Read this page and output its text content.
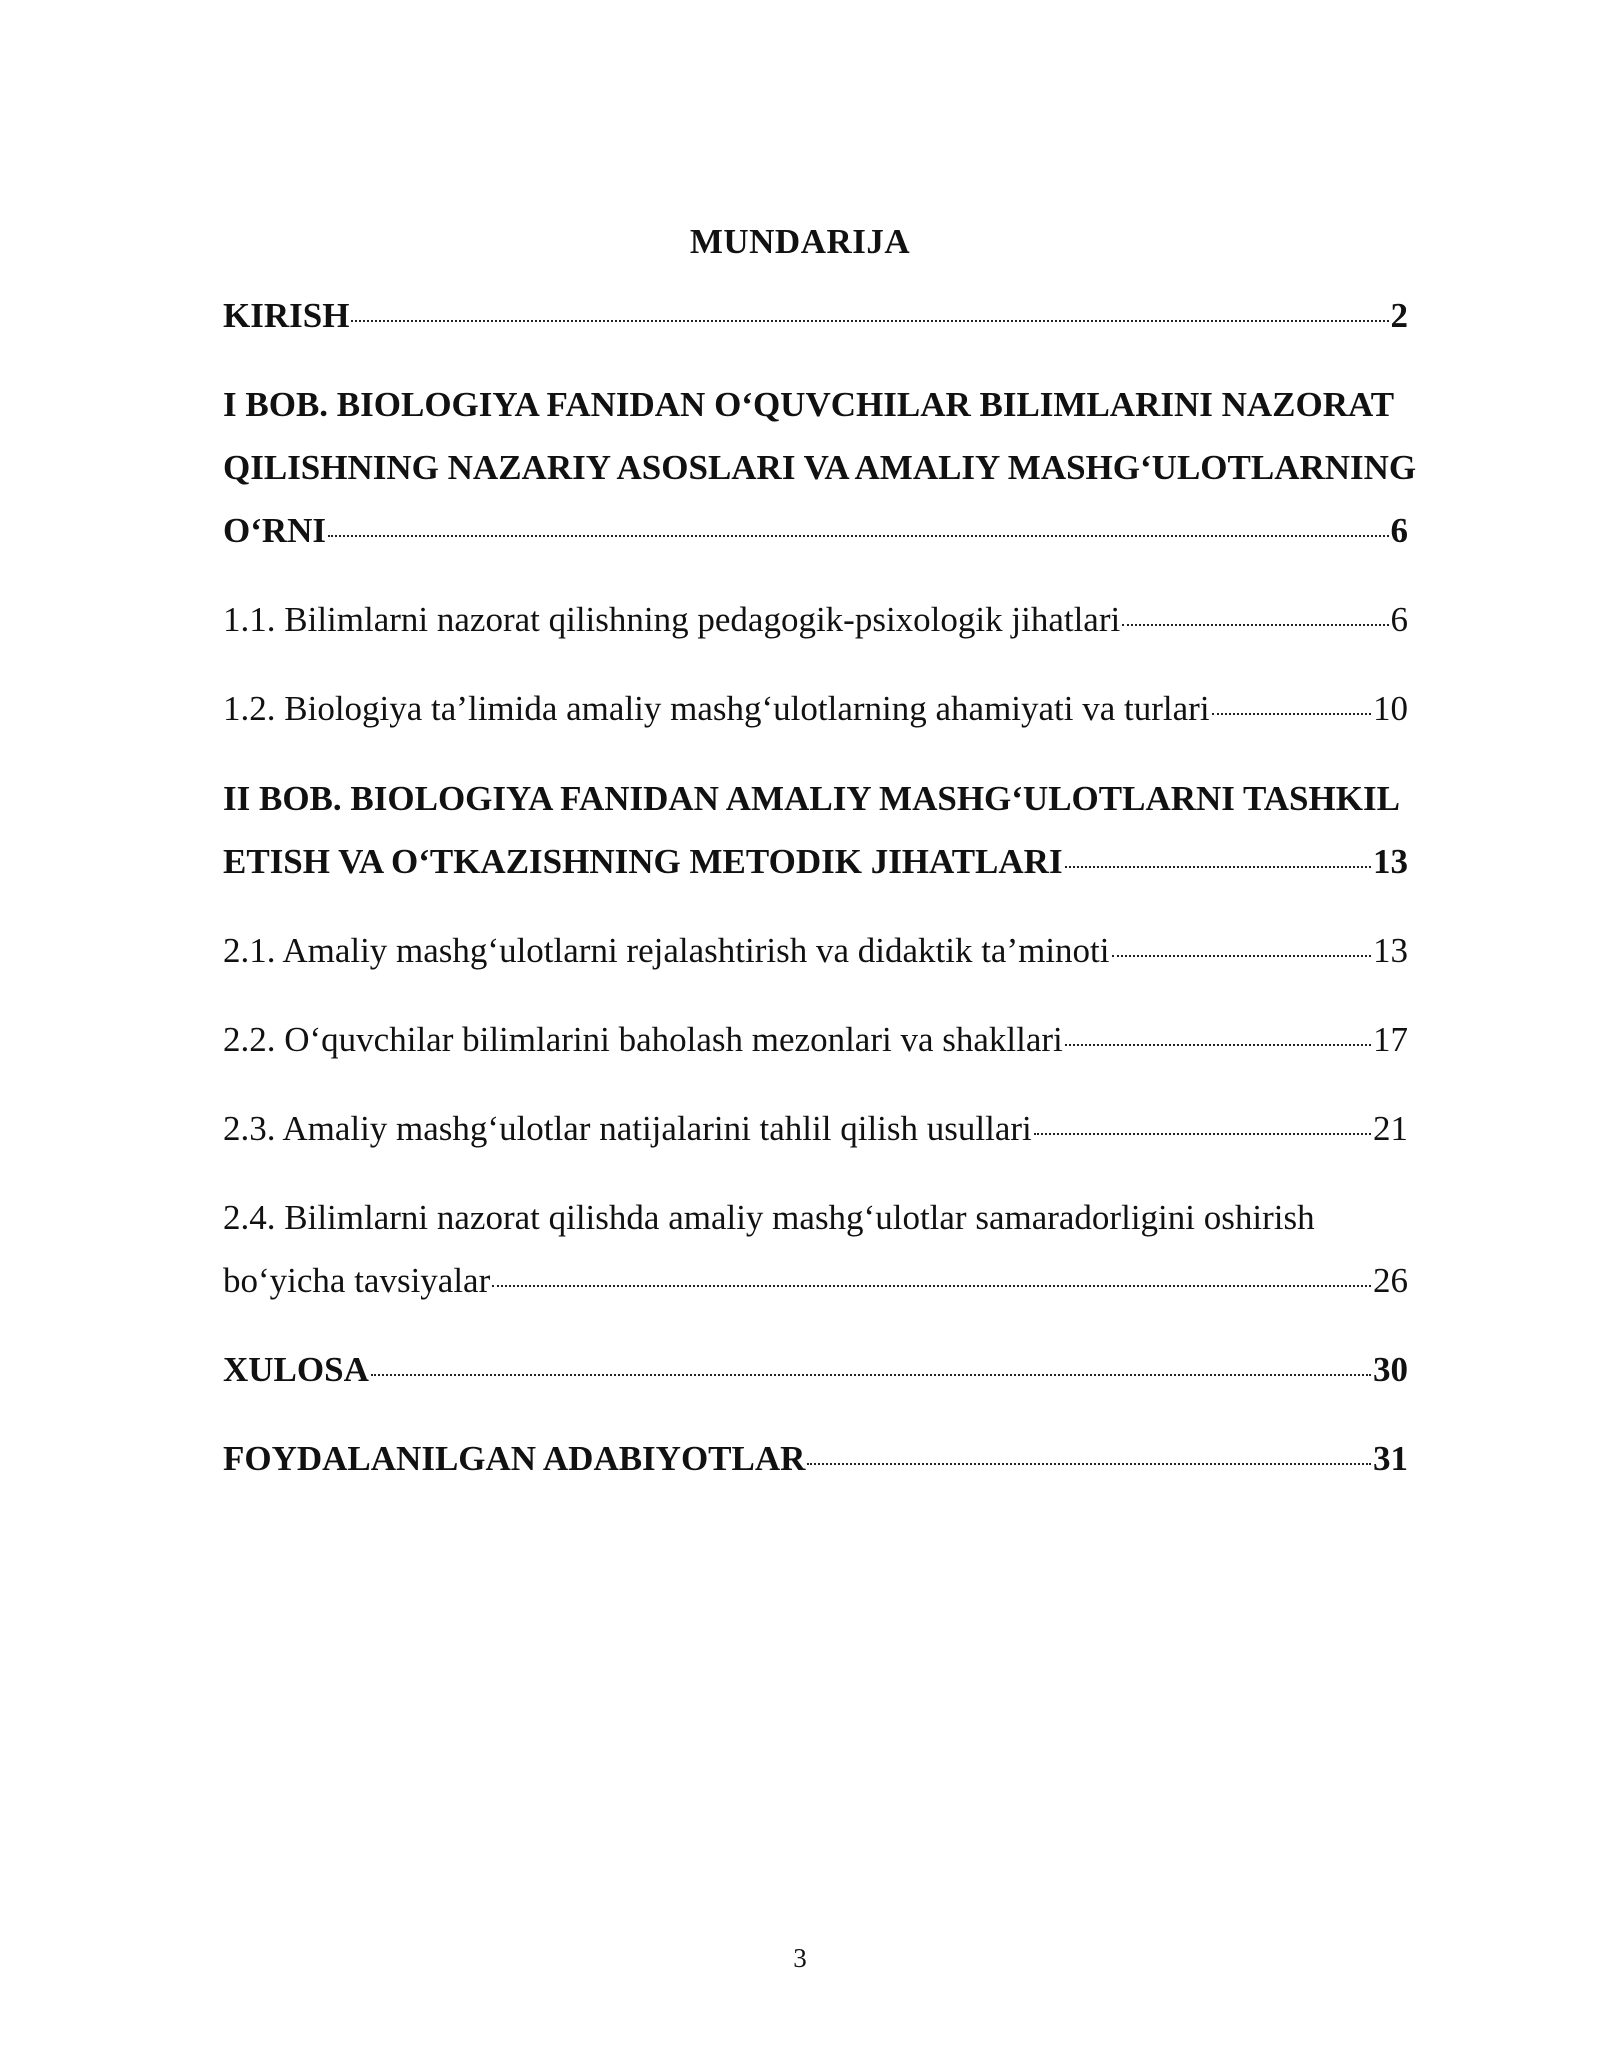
MUNDARIJA
KIRISH	2
I BOB. BIOLOGIYA FANIDAN O‘QUVCHILAR BILIMLARINI NAZORAT
QILISHNING NAZARIY ASOSLARI VA AMALIY MASHG‘ULOTLARNING
O‘RNI	6
1.1. Bilimlarni nazorat qilishning pedagogik-psixologik jihatlari	6
1.2. Biologiya ta’limida amaliy mashg‘ulotlarning ahamiyati va turlari	10
II BOB. BIOLOGIYA FANIDAN AMALIY MASHG‘ULOTLARNI TASHKIL
ETISH VA O‘TKAZISHNING METODIK JIHATLARI	13
2.1. Amaliy mashg‘ulotlarni rejalashtirish va didaktik ta’minoti	13
2.2. O‘quvchilar bilimlarini baholash mezonlari va shakllari	17
2.3. Amaliy mashg‘ulotlar natijalarini tahlil qilish usullari	21
2.4. Bilimlarni nazorat qilishda amaliy mashg‘ulotlar samaradorligini oshirish
bo‘yicha tavsiyalar	26
XULOSA	30
FOYDALANILGAN ADABIYOTLAR	31
3
